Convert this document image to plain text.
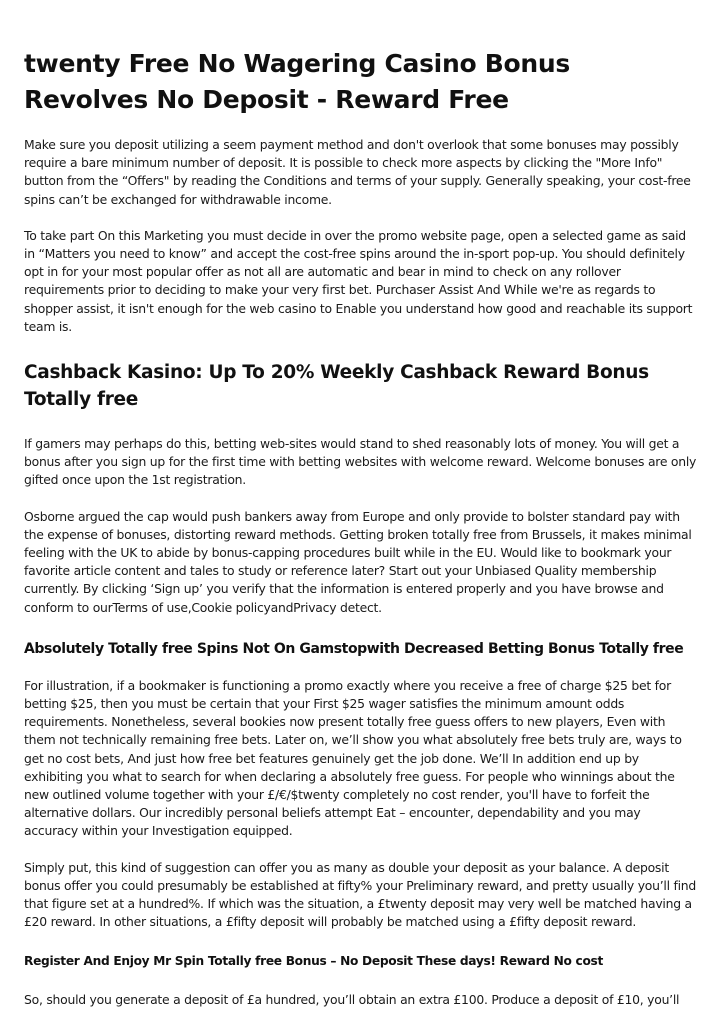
twenty Free No Wagering Casino Bonus Revolves No Deposit - Reward Free

Make sure you deposit utilizing a seem payment method and don't overlook that some bonuses may possibly require a bare minimum number of deposit. It is possible to check more aspects by clicking the "More Info" button from the “Offers" by reading the Conditions and terms of your supply. Generally speaking, your cost-free spins can’t be exchanged for withdrawable income.

To take part On this Marketing you must decide in over the promo website page, open a selected game as said in “Matters you need to know” and accept the cost-free spins around the in-sport pop-up. You should definitely opt in for your most popular offer as not all are automatic and bear in mind to check on any rollover requirements prior to deciding to make your very first bet. Purchaser Assist And While we're as regards to shopper assist, it isn't enough for the web casino to Enable you understand how good and reachable its support team is.

Cashback Kasino: Up To 20% Weekly Cashback Reward Bonus Totally free

If gamers may perhaps do this, betting web-sites would stand to shed reasonably lots of money. You will get a bonus after you sign up for the first time with betting websites with welcome reward. Welcome bonuses are only gifted once upon the 1st registration.

Osborne argued the cap would push bankers away from Europe and only provide to bolster standard pay with the expense of bonuses, distorting reward methods. Getting broken totally free from Brussels, it makes minimal feeling with the UK to abide by bonus-capping procedures built while in the EU. Would like to bookmark your favorite article content and tales to study or reference later? Start out your Unbiased Quality membership currently. By clicking ‘Sign up’ you verify that the information is entered properly and you have browse and conform to ourTerms of use,Cookie policyandPrivacy detect.

Absolutely Totally free Spins Not On Gamstopwith Decreased Betting Bonus Totally free

For illustration, if a bookmaker is functioning a promo exactly where you receive a free of charge $25 bet for betting $25, then you must be certain that your First $25 wager satisfies the minimum amount odds requirements. Nonetheless, several bookies now present totally free guess offers to new players, Even with them not technically remaining free bets. Later on, we’ll show you what absolutely free bets truly are, ways to get no cost bets, And just how free bet features genuinely get the job done. We’ll In addition end up by exhibiting you what to search for when declaring a absolutely free guess. For people who winnings about the new outlined volume together with your £/€/$twenty completely no cost render, you'll have to forfeit the alternative dollars. Our incredibly personal beliefs attempt Eat – encounter, dependability and you may accuracy within your Investigation equipped.

Simply put, this kind of suggestion can offer you as many as double your deposit as your balance. A deposit bonus offer you could presumably be established at fifty% your Preliminary reward, and pretty usually you’ll find that figure set at a hundred%. If which was the situation, a £twenty deposit may very well be matched having a £20 reward. In other situations, a £fifty deposit will probably be matched using a £fifty deposit reward.

Register And Enjoy Mr Spin Totally free Bonus – No Deposit These days! Reward No cost

So, should you generate a deposit of £a hundred, you’ll obtain an extra £100. Produce a deposit of £10, you’ll
